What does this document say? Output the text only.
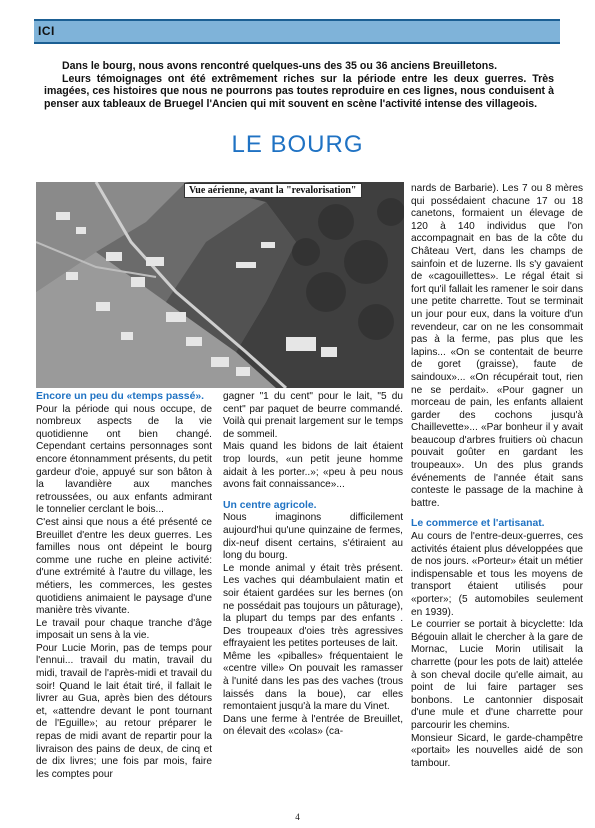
ICI

Dans le bourg, nous avons rencontré quelques-uns des 35 ou 36 anciens Breuilletons.

Leurs témoignages ont été extrêmement riches sur la période entre les deux guerres. Très imagées, ces histoires que nous ne pourrons pas toutes reproduire en ces lignes, nous conduisent à penser aux tableaux de Bruegel l'Ancien qui mit souvent en scène l'activité intense des villageois.

LE BOURG
Vue aérienne, avant la "revalorisation"

Encore un peu du «temps passé».

Pour la période qui nous occupe, de nombreux aspects de la vie quotidienne ont bien changé. Cependant certains personnages sont encore étonnamment présents, du petit gardeur d'oie, appuyé sur son bâton à la lavandière aux manches retroussées, ou aux enfants admirant le tonnelier cerclant le bois...

C'est ainsi que nous a été présenté ce Breuillet d'entre les deux guerres. Les familles nous ont dépeint le bourg comme une ruche en pleine activité: d'une extrémité à l'autre du village, les métiers, les commerces, les gestes quotidiens animaient le paysage d'une manière très vivante.

Le travail pour chaque tranche d'âge imposait un sens à la vie.

Pour Lucie Morin, pas de temps pour l'ennui... travail du matin, travail du midi, travail de l'après-midi et travail du soir! Quand le lait était tiré, il fallait le livrer au Gua, après bien des détours et, «attendre devant le pont tournant de l'Eguille»; au retour préparer le repas de midi avant de repartir pour la livraison des pains de deux, de cinq et de dix livres; une fois par mois, faire les comptes pour

gagner "1 du cent" pour le lait, "5 du cent" par paquet de beurre commandé. Voilà qui prenait largement sur le temps de sommeil.

Mais quand les bidons de lait étaient trop lourds, «un petit jeune homme aidait à les porter..»; «peu à peu nous avons fait connaissance»...

Un centre agricole.

Nous imaginons difficilement aujourd'hui qu'une quinzaine de fermes, dix-neuf disent certains, s'étiraient au long du bourg.

Le monde animal y était très présent. Les vaches qui déambulaient matin et soir étaient gardées sur les bernes (on ne possédait pas toujours un pâturage), la plupart du temps par des enfants . Des troupeaux d'oies très agressives effrayaient les petites porteuses de lait.

Même les «piballes» fréquentaient le «centre ville» On pouvait les ramasser à l'unité dans les pas des vaches (trous laissés dans la boue), car elles remontaient jusqu'à la mare du Vinet.

Dans une ferme à l'entrée de Breuillet, on élevait des «colas» (ca-

nards de Barbarie). Les 7 ou 8 mères qui possédaient chacune 17 ou 18 canetons, formaient un élevage de 120 à 140 individus que l'on accompagnait en bas de la côte du Château Vert, dans les champs de sainfoin et de luzerne. Ils s'y gavaient de «cagouillettes». Le régal était si fort qu'il fallait les ramener le soir dans une petite charrette. Tout se terminait un jour pour eux, dans la voiture d'un revendeur, car on ne les consommait pas à la ferme, pas plus que les lapins... «On se contentait de beurre de goret (graisse), faute de saindoux»... «On récupérait tout, rien ne se perdait». «Pour gagner un morceau de pain, les enfants allaient garder des cochons jusqu'à Chaillevette»... «Par bonheur il y avait beaucoup d'arbres fruitiers où chacun pouvait goûter en gardant les troupeaux». Un des plus grands événements de l'année était sans conteste le passage de la machine à battre.

Le commerce et l'artisanat.

Au cours de l'entre-deux-guerres, ces activités étaient plus développées que de nos jours. «Porteur» était un métier indispensable et tous les moyens de transport étaient utilisés pour «porter»; (5 automobiles seulement en 1939).

Le courrier se portait à bicyclette: Ida Bégouin allait le chercher à la gare de Mornac, Lucie Morin utilisait la charrette (pour les pots de lait) attelée à son cheval docile qu'elle aimait, au point de lui faire partager ses bonbons. Le cantonnier disposait d'une mule et d'une charrette pour parcourir les chemins.

Monsieur Sicard, le garde-champêtre «portait» les nouvelles aidé de son tambour.

4
